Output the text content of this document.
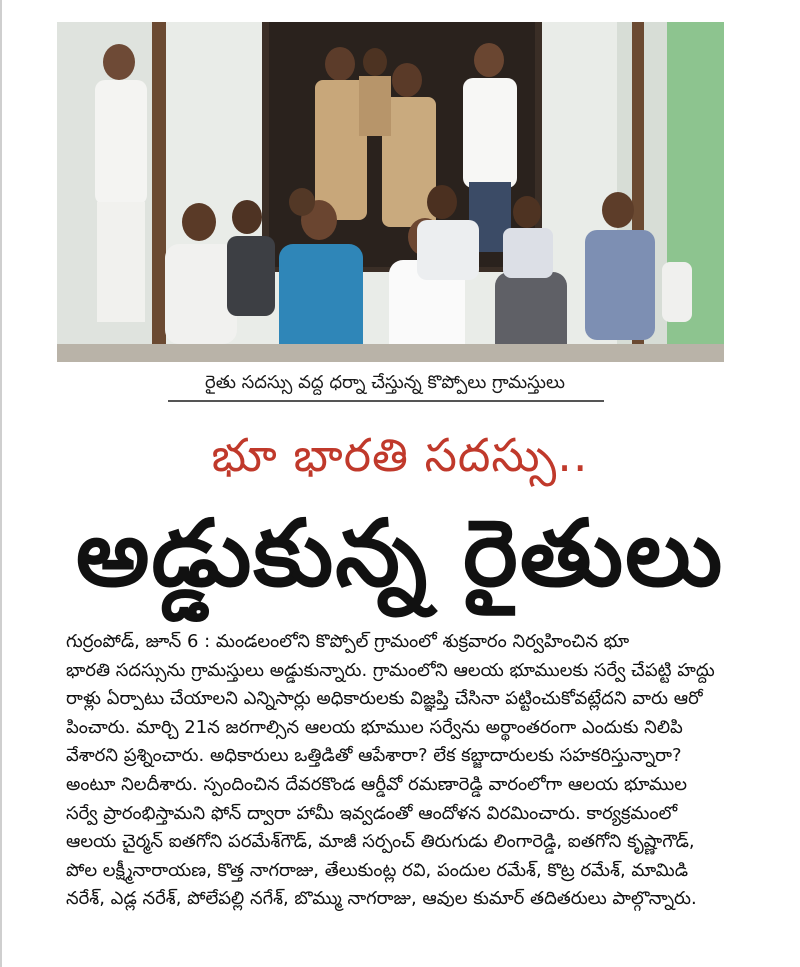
రైతు సదస్సు వద్ద ధర్నా చేస్తున్న కొప్పోలు గ్రామస్తులు
భూ భారతి సదస్సు..
అడ్డుకున్న రైతులు
గుర్రంపోడ్, జూన్ 6 : మండలంలోని కొప్పోల్ గ్రామంలో శుక్రవారం నిర్వహించిన భూ
భారతి సదస్సును గ్రామస్తులు అడ్డుకున్నారు. గ్రామంలోని ఆలయ భూములకు సర్వే చేపట్టి హద్దు
రాళ్లు ఏర్పాటు చేయాలని ఎన్నిసార్లు అధికారులకు విజ్ఞప్తి చేసినా పట్టించుకోవట్లేదని వారు ఆరో
పించారు. మార్చి 21న జరగాల్సిన ఆలయ భూముల సర్వేను అర్థాంతరంగా ఎందుకు నిలిపి
వేశారని ప్రశ్నించారు. అధికారులు ఒత్తిడితో ఆపేశారా? లేక కబ్జాదారులకు సహకరిస్తున్నారా?
అంటూ నిలదీశారు. స్పందించిన దేవరకొండ ఆర్డీవో రమణారెడ్డి వారంలోగా ఆలయ భూముల
సర్వే ప్రారంభిస్తామని ఫోన్ ద్వారా హామీ ఇవ్వడంతో ఆందోళన విరమించారు. కార్యక్రమంలో
ఆలయ చైర్మన్ ఐతగోని పరమేశ్‌గౌడ్, మాజీ సర్పంచ్ తిరుగుడు లింగారెడ్డి, ఐతగోని కృష్ణాగౌడ్,
పోల లక్ష్మీనారాయణ, కొత్త నాగరాజు, తేలుకుంట్ల రవి, పందుల రమేశ్, కొట్ర రమేశ్, మామిడి
నరేశ్, ఎడ్ల నరేశ్, పోలేపల్లి నగేశ్, బొమ్ము నాగరాజు, ఆవుల కుమార్ తదితరులు పాల్గొన్నారు.
